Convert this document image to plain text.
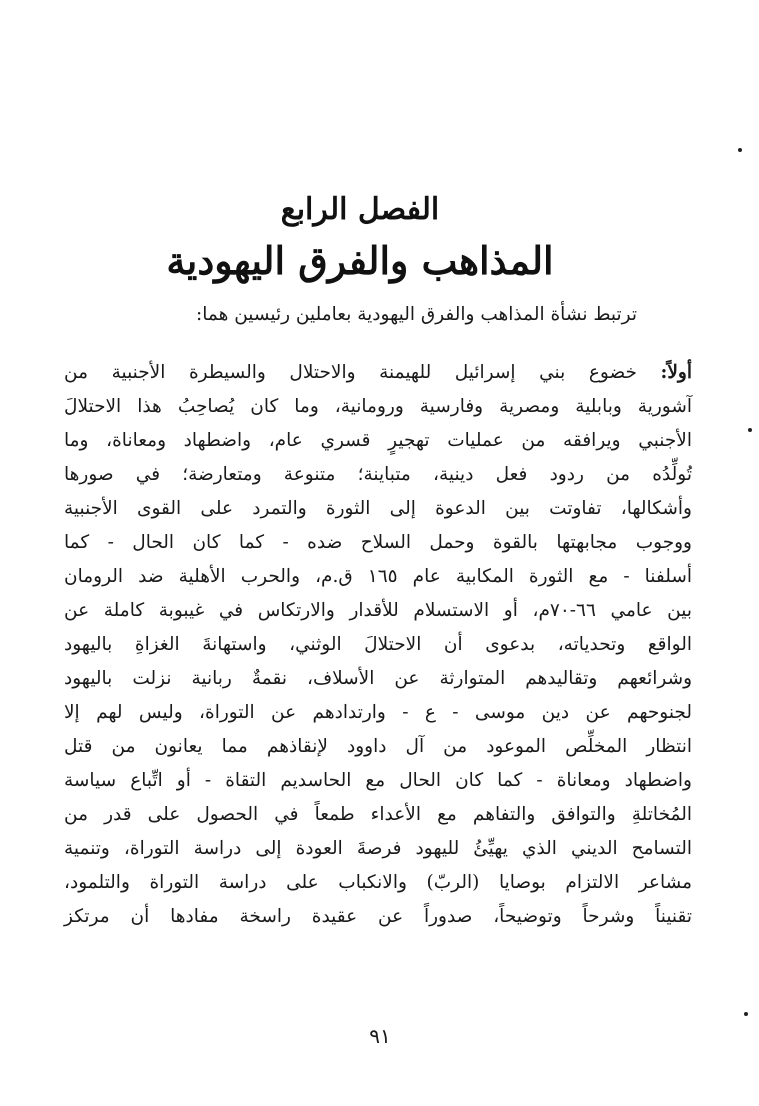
الفصل الرابع
المذاهب والفرق اليهودية
ترتبط نشأة المذاهب والفرق اليهودية بعاملين رئيسين هما:
أولاً: خضوع بني إسرائيل للهيمنة والاحتلال والسيطرة الأجنبية من
آشورية وبابلية ومصرية وفارسية ورومانية، وما كان يُصاحِبُ هذا الاحتلالَ
الأجنبي ويرافقه من عمليات تهجيرٍ قسري عام، واضطهاد ومعاناة، وما
تُولِّدُه من ردود فعل دينية، متباينة؛ متنوعة ومتعارضة؛ في صورها
وأشكالها، تفاوتت بين الدعوة إلى الثورة والتمرد على القوى الأجنبية
ووجوب مجابهتها بالقوة وحمل السلاح ضده - كما كان الحال - كما
أسلفنا - مع الثورة المكابية عام ١٦٥ ق.م، والحرب الأهلية ضد الرومان
بين عامي ٦٦-٧٠م، أو الاستسلام للأقدار والارتكاس في غيبوبة كاملة عن
الواقع وتحدياته، بدعوى أن الاحتلالَ الوثني، واستهانةَ الغزاةِ باليهود
وشرائعهم وتقاليدهم المتوارثة عن الأسلاف، نقمةٌ ربانية نزلت باليهود
لجنوحهم عن دين موسى - ع - وارتدادهم عن التوراة، وليس لهم إلا
انتظار المخلِّص الموعود من آل داوود لإنقاذهم مما يعانون من قتل
واضطهاد ومعاناة - كما كان الحال مع الحاسديم التقاة - أو اتِّباع سياسة
المُخاتلةِ والتوافق والتفاهم مع الأعداء طمعاً في الحصول على قدر من
التسامح الديني الذي يهيِّئُ لليهود فرصةَ العودة إلى دراسة التوراة، وتنمية
مشاعر الالتزام بوصايا (الربّ) والانكباب على دراسة التوراة والتلمود،
تقنيناً وشرحاً وتوضيحاً، صدوراً عن عقيدة راسخة مفادها أن مرتكز
٩١
